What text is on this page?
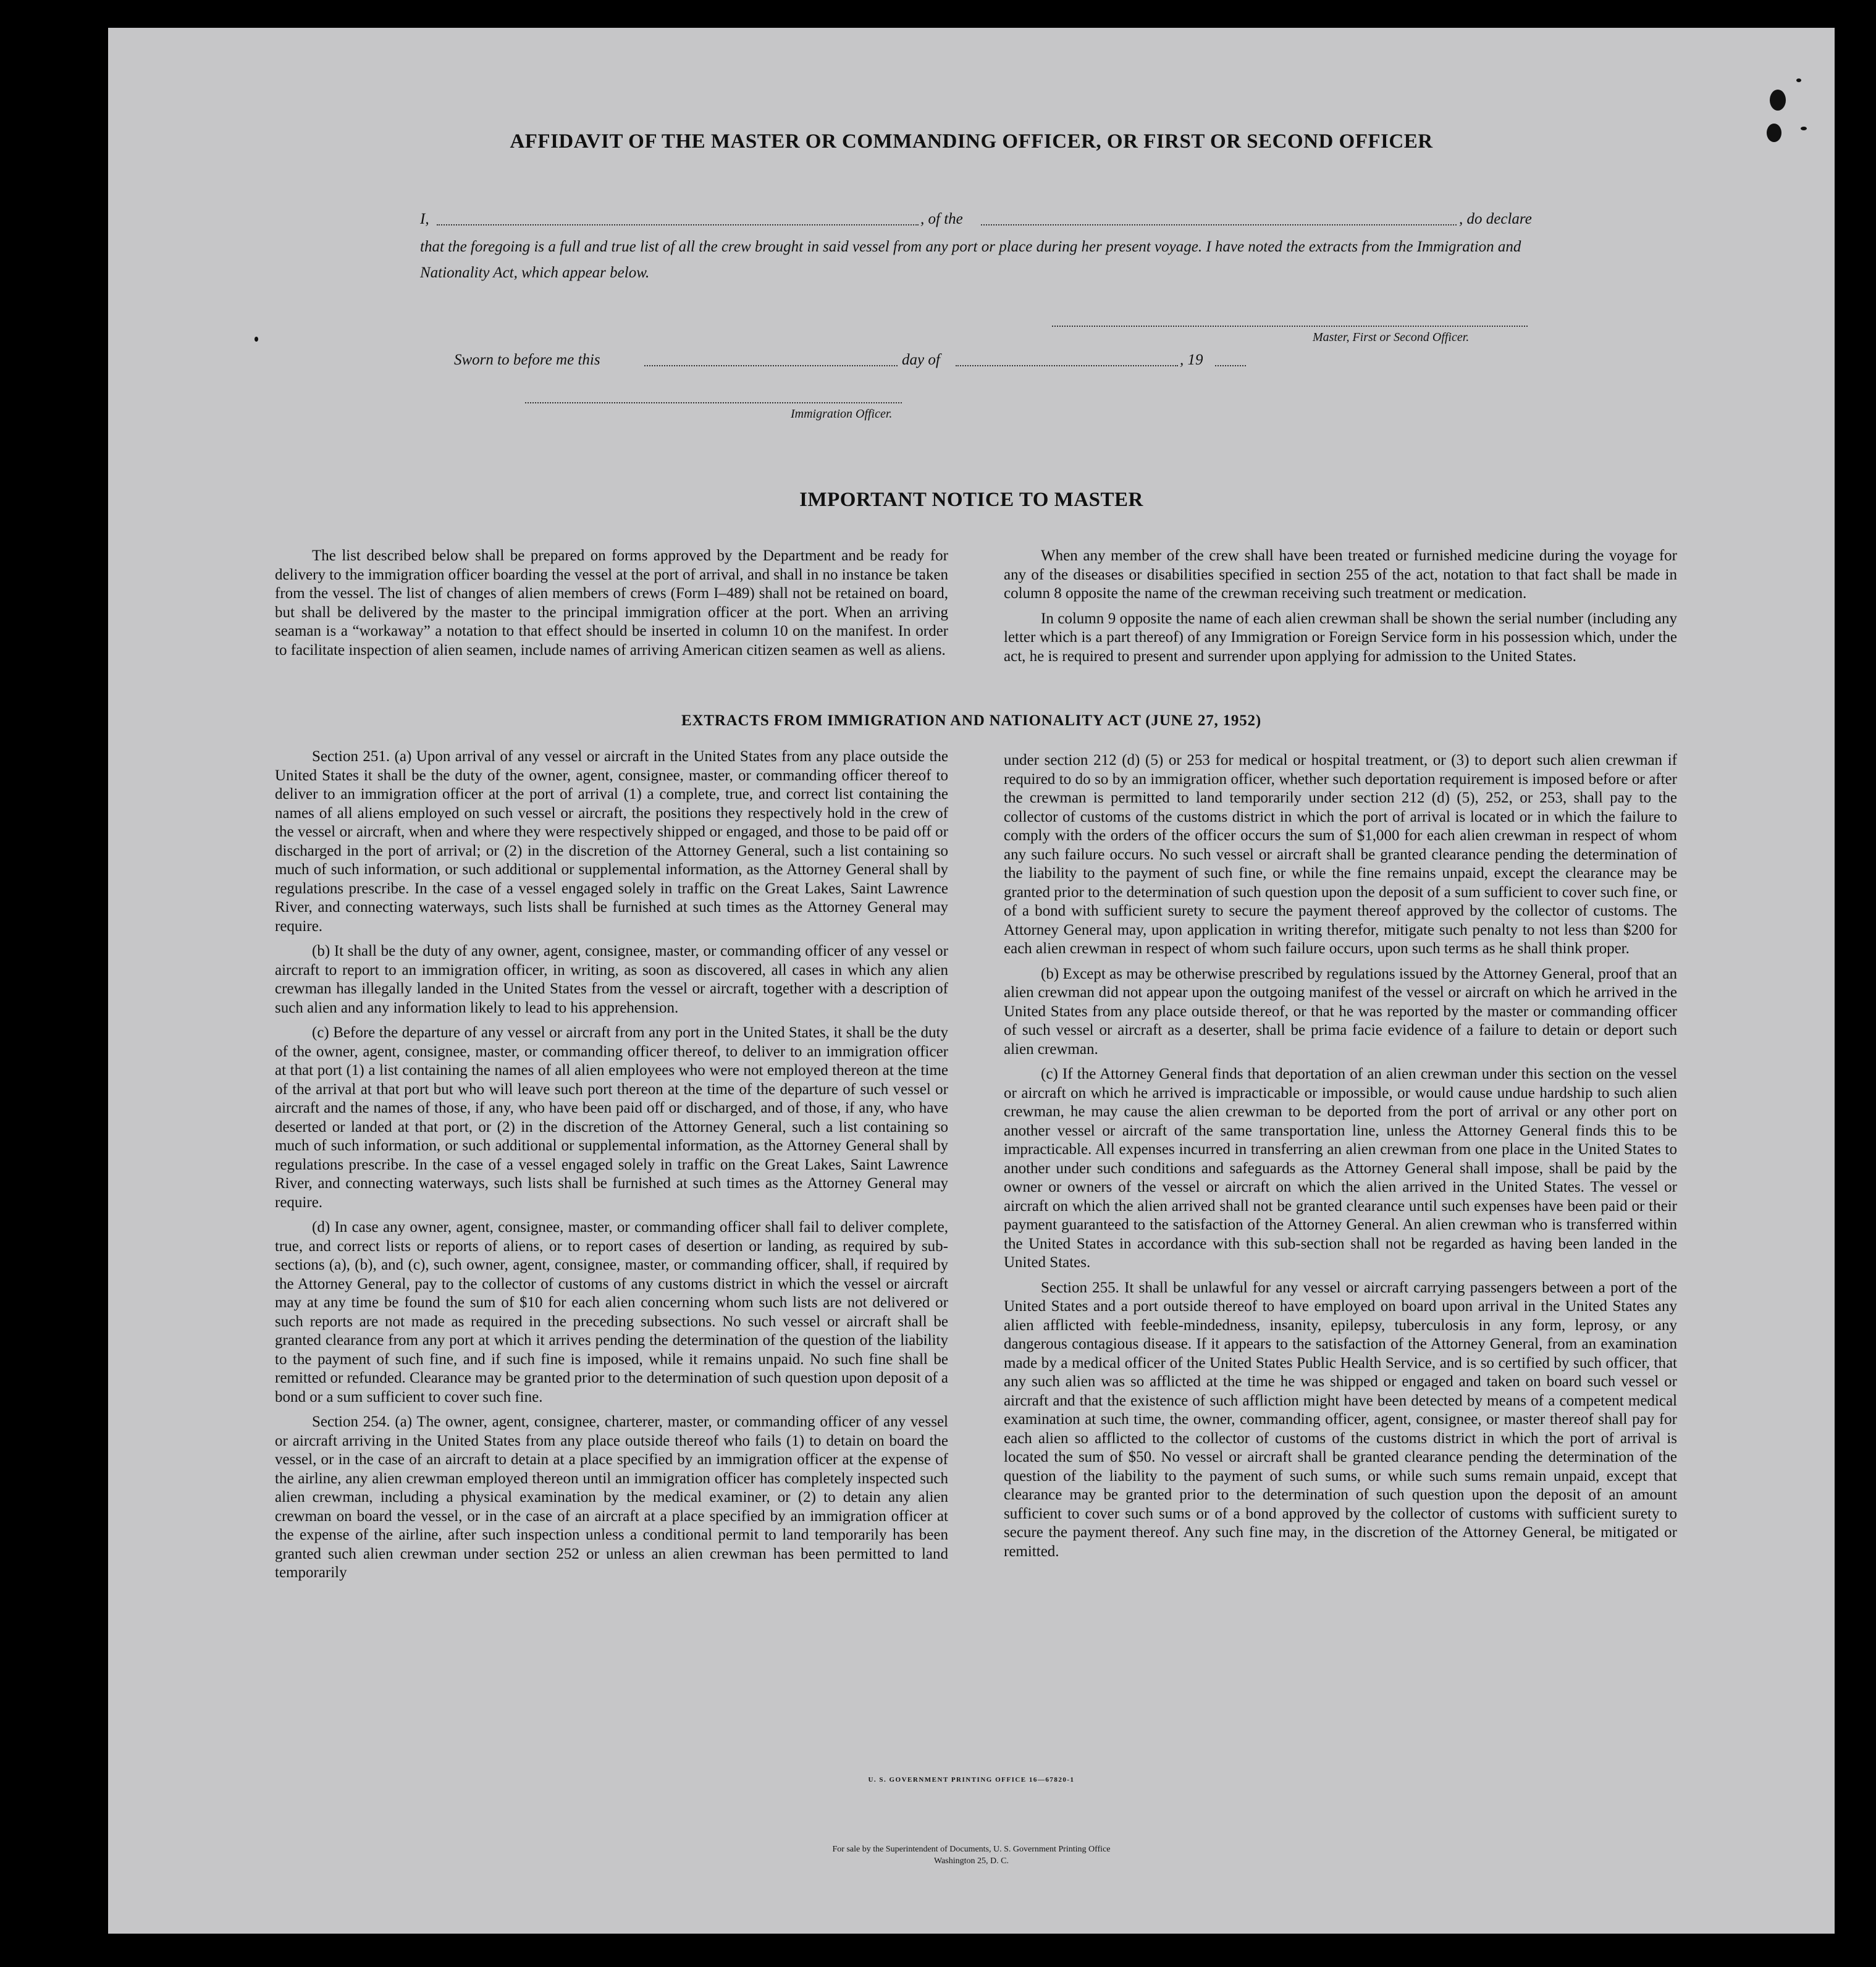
AFFIDAVIT OF THE MASTER OR COMMANDING OFFICER, OR FIRST OR SECOND OFFICER
I,	, of the	, do declare
that the foregoing is a full and true list of all the crew brought in said vessel from any port or place during her present voyage. I have noted the extracts from the Immigration and Nationality Act, which appear below.
Master, First or Second Officer.
Sworn to before me this	day of	, 19
Immigration Officer.
IMPORTANT NOTICE TO MASTER

The list described below shall be prepared on forms approved by the Department and be ready for delivery to the immigration officer boarding the vessel at the port of arrival, and shall in no instance be taken from the vessel. The list of changes of alien members of crews (Form I–489) shall not be retained on board, but shall be delivered by the master to the principal immigration officer at the port. When an arriving seaman is a “workaway” a notation to that effect should be inserted in column 10 on the manifest. In order to facilitate inspection of alien seamen, include names of arriving American citizen seamen as well as aliens.

When any member of the crew shall have been treated or furnished medicine during the voyage for any of the diseases or disabilities specified in section 255 of the act, notation to that fact shall be made in column 8 opposite the name of the crewman receiving such treatment or medication.

In column 9 opposite the name of each alien crewman shall be shown the serial number (including any letter which is a part thereof) of any Immigration or Foreign Service form in his possession which, under the act, he is required to present and surrender upon applying for admission to the United States.

EXTRACTS FROM IMMIGRATION AND NATIONALITY ACT (JUNE 27, 1952)

Section 251. (a) Upon arrival of any vessel or aircraft in the United States from any place outside the United States it shall be the duty of the owner, agent, consignee, master, or commanding officer thereof to deliver to an immigration officer at the port of arrival (1) a complete, true, and correct list containing the names of all aliens employed on such vessel or aircraft, the positions they respectively hold in the crew of the vessel or aircraft, when and where they were respectively shipped or engaged, and those to be paid off or discharged in the port of arrival; or (2) in the discretion of the Attorney General, such a list containing so much of such information, or such additional or supplemental information, as the Attorney General shall by regulations prescribe. In the case of a vessel engaged solely in traffic on the Great Lakes, Saint Lawrence River, and connecting waterways, such lists shall be furnished at such times as the Attorney General may require.

(b) It shall be the duty of any owner, agent, consignee, master, or commanding officer of any vessel or aircraft to report to an immigration officer, in writing, as soon as discovered, all cases in which any alien crewman has illegally landed in the United States from the vessel or aircraft, together with a description of such alien and any information likely to lead to his apprehension.

(c) Before the departure of any vessel or aircraft from any port in the United States, it shall be the duty of the owner, agent, consignee, master, or commanding officer thereof, to deliver to an immigration officer at that port (1) a list containing the names of all alien employees who were not employed thereon at the time of the arrival at that port but who will leave such port thereon at the time of the departure of such vessel or aircraft and the names of those, if any, who have been paid off or discharged, and of those, if any, who have deserted or landed at that port, or (2) in the discretion of the Attorney General, such a list containing so much of such information, or such additional or supplemental information, as the Attorney General shall by regulations prescribe. In the case of a vessel engaged solely in traffic on the Great Lakes, Saint Lawrence River, and connecting waterways, such lists shall be furnished at such times as the Attorney General may require.

(d) In case any owner, agent, consignee, master, or commanding officer shall fail to deliver complete, true, and correct lists or reports of aliens, or to report cases of desertion or landing, as required by sub-sections (a), (b), and (c), such owner, agent, consignee, master, or commanding officer, shall, if required by the Attorney General, pay to the collector of customs of any customs district in which the vessel or aircraft may at any time be found the sum of $10 for each alien concerning whom such lists are not delivered or such reports are not made as required in the preceding subsections. No such vessel or aircraft shall be granted clearance from any port at which it arrives pending the determination of the question of the liability to the payment of such fine, and if such fine is imposed, while it remains unpaid. No such fine shall be remitted or refunded. Clearance may be granted prior to the determination of such question upon deposit of a bond or a sum sufficient to cover such fine.

Section 254. (a) The owner, agent, consignee, charterer, master, or commanding officer of any vessel or aircraft arriving in the United States from any place outside thereof who fails (1) to detain on board the vessel, or in the case of an aircraft to detain at a place specified by an immigration officer at the expense of the airline, any alien crewman employed thereon until an immigration officer has completely inspected such alien crewman, including a physical examination by the medical examiner, or (2) to detain any alien crewman on board the vessel, or in the case of an aircraft at a place specified by an immigration officer at the expense of the airline, after such inspection unless a conditional permit to land temporarily has been granted such alien crewman under section 252 or unless an alien crewman has been permitted to land temporarily

under section 212 (d) (5) or 253 for medical or hospital treatment, or (3) to deport such alien crewman if required to do so by an immigration officer, whether such deportation requirement is imposed before or after the crewman is permitted to land temporarily under section 212 (d) (5), 252, or 253, shall pay to the collector of customs of the customs district in which the port of arrival is located or in which the failure to comply with the orders of the officer occurs the sum of $1,000 for each alien crewman in respect of whom any such failure occurs. No such vessel or aircraft shall be granted clearance pending the determination of the liability to the payment of such fine, or while the fine remains unpaid, except the clearance may be granted prior to the determination of such question upon the deposit of a sum sufficient to cover such fine, or of a bond with sufficient surety to secure the payment thereof approved by the collector of customs. The Attorney General may, upon application in writing therefor, mitigate such penalty to not less than $200 for each alien crewman in respect of whom such failure occurs, upon such terms as he shall think proper.

(b) Except as may be otherwise prescribed by regulations issued by the Attorney General, proof that an alien crewman did not appear upon the outgoing manifest of the vessel or aircraft on which he arrived in the United States from any place outside thereof, or that he was reported by the master or commanding officer of such vessel or aircraft as a deserter, shall be prima facie evidence of a failure to detain or deport such alien crewman.

(c) If the Attorney General finds that deportation of an alien crewman under this section on the vessel or aircraft on which he arrived is impracticable or impossible, or would cause undue hardship to such alien crewman, he may cause the alien crewman to be deported from the port of arrival or any other port on another vessel or aircraft of the same transportation line, unless the Attorney General finds this to be impracticable. All expenses incurred in transferring an alien crewman from one place in the United States to another under such conditions and safeguards as the Attorney General shall impose, shall be paid by the owner or owners of the vessel or aircraft on which the alien arrived in the United States. The vessel or aircraft on which the alien arrived shall not be granted clearance until such expenses have been paid or their payment guaranteed to the satisfaction of the Attorney General. An alien crewman who is transferred within the United States in accordance with this sub-section shall not be regarded as having been landed in the United States.

Section 255. It shall be unlawful for any vessel or aircraft carrying passengers between a port of the United States and a port outside thereof to have employed on board upon arrival in the United States any alien afflicted with feeble-mindedness, insanity, epilepsy, tuberculosis in any form, leprosy, or any dangerous contagious disease. If it appears to the satisfaction of the Attorney General, from an examination made by a medical officer of the United States Public Health Service, and is so certified by such officer, that any such alien was so afflicted at the time he was shipped or engaged and taken on board such vessel or aircraft and that the existence of such affliction might have been detected by means of a competent medical examination at such time, the owner, commanding officer, agent, consignee, or master thereof shall pay for each alien so afflicted to the collector of customs of the customs district in which the port of arrival is located the sum of $50. No vessel or aircraft shall be granted clearance pending the determination of the question of the liability to the payment of such sums, or while such sums remain unpaid, except that clearance may be granted prior to the determination of such question upon the deposit of an amount sufficient to cover such sums or of a bond approved by the collector of customs with sufficient surety to secure the payment thereof. Any such fine may, in the discretion of the Attorney General, be mitigated or remitted.

U. S. GOVERNMENT PRINTING OFFICE 16—67820-1
For sale by the Superintendent of Documents, U. S. Government Printing Office
Washington 25, D. C.
